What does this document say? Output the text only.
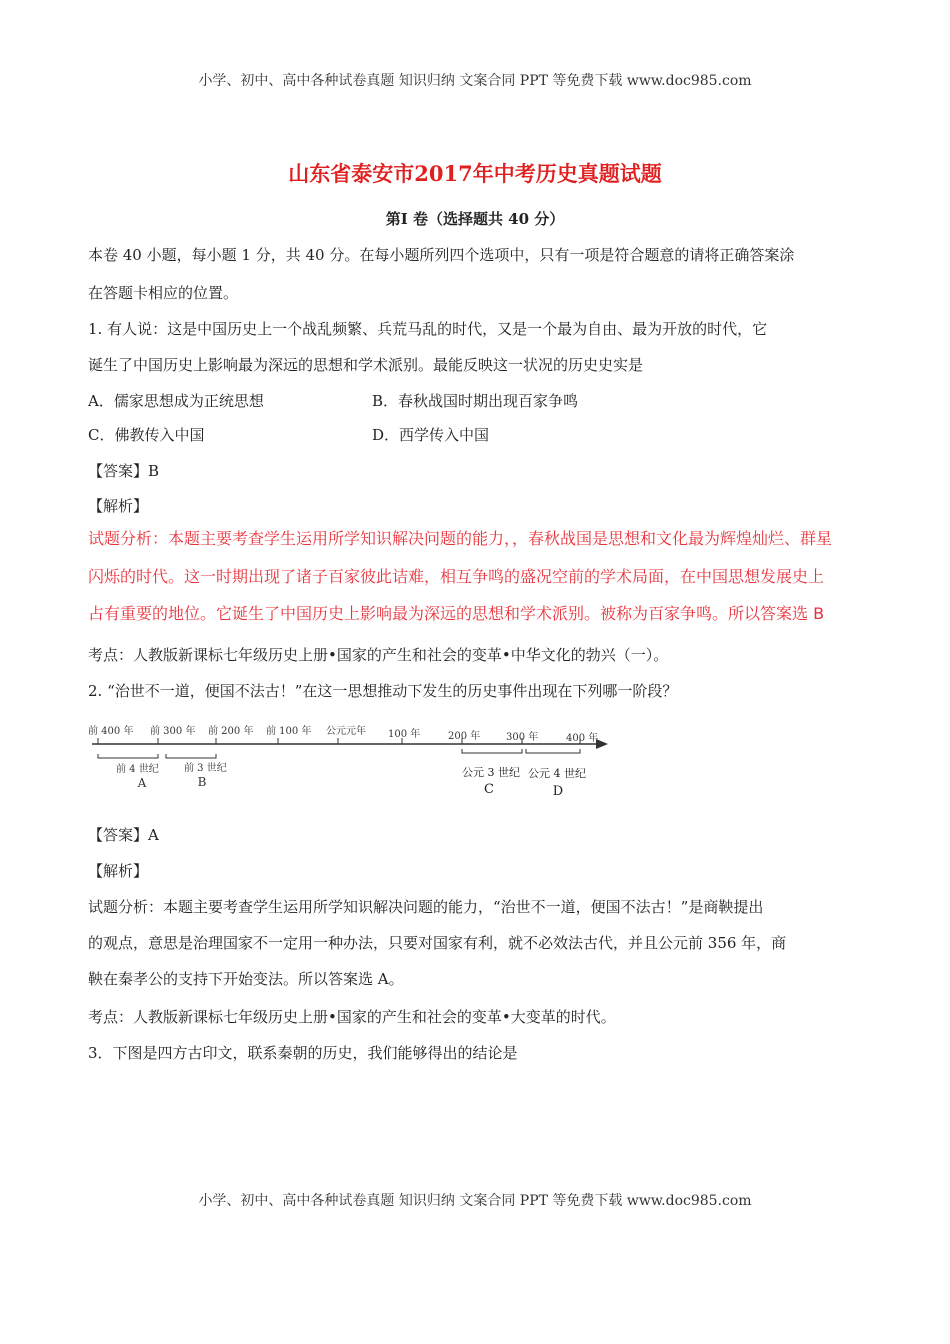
小学、初中、高中各种试卷真题 知识归纳 文案合同 PPT 等免费下载 www.doc985.com
山东省泰安市2017年中考历史真题试题
第Ⅰ 卷（选择题共 40 分）
本卷 40 小题，每小题 1 分，共 40 分。在每小题所列四个选项中，只有一项是符合题意的请将正确答案涂
在答题卡相应的位置。
1. 有人说：这是中国历史上一个战乱频繁、兵荒马乱的时代，又是一个最为自由、最为开放的时代，它
诞生了中国历史上影响最为深远的思想和学术派别。最能反映这一状况的历史史实是
A．儒家思想成为正统思想	B．春秋战国时期出现百家争鸣
C．佛教传入中国	D．西学传入中国
【答案】B
【解析】
试题分析：本题主要考查学生运用所学知识解决问题的能力，，春秋战国是思想和文化最为辉煌灿烂、群星
闪烁的时代。这一时期出现了诸子百家彼此诘难，相互争鸣的盛况空前的学术局面，在中国思想发展史上
占有重要的地位。它诞生了中国历史上影响最为深远的思想和学术派别。被称为百家争鸣。所以答案选 B
考点：人教版新课标七年级历史上册•国家的产生和社会的变革•中华文化的勃兴（一）。
2. “治世不一道，便国不法古！”在这一思想推动下发生的历史事件出现在下列哪一阶段？
前 400 年 前 300 年 前 200 年 前 100 年 公元元年 100 年	200 年	300 年	400 年
前 4 世纪
A
前 3 世纪
B
公元 3 世纪
C
公元 4 世纪
D
【答案】A
【解析】
试题分析：本题主要考查学生运用所学知识解决问题的能力，“治世不一道，便国不法古！”是商鞅提出
的观点，意思是治理国家不一定用一种办法，只要对国家有利，就不必效法古代，并且公元前 356 年，商
鞅在秦孝公的支持下开始变法。所以答案选 A。
考点：人教版新课标七年级历史上册•国家的产生和社会的变革•大变革的时代。
3．下图是四方古印文，联系秦朝的历史，我们能够得出的结论是
小学、初中、高中各种试卷真题 知识归纳 文案合同 PPT 等免费下载 www.doc985.com
